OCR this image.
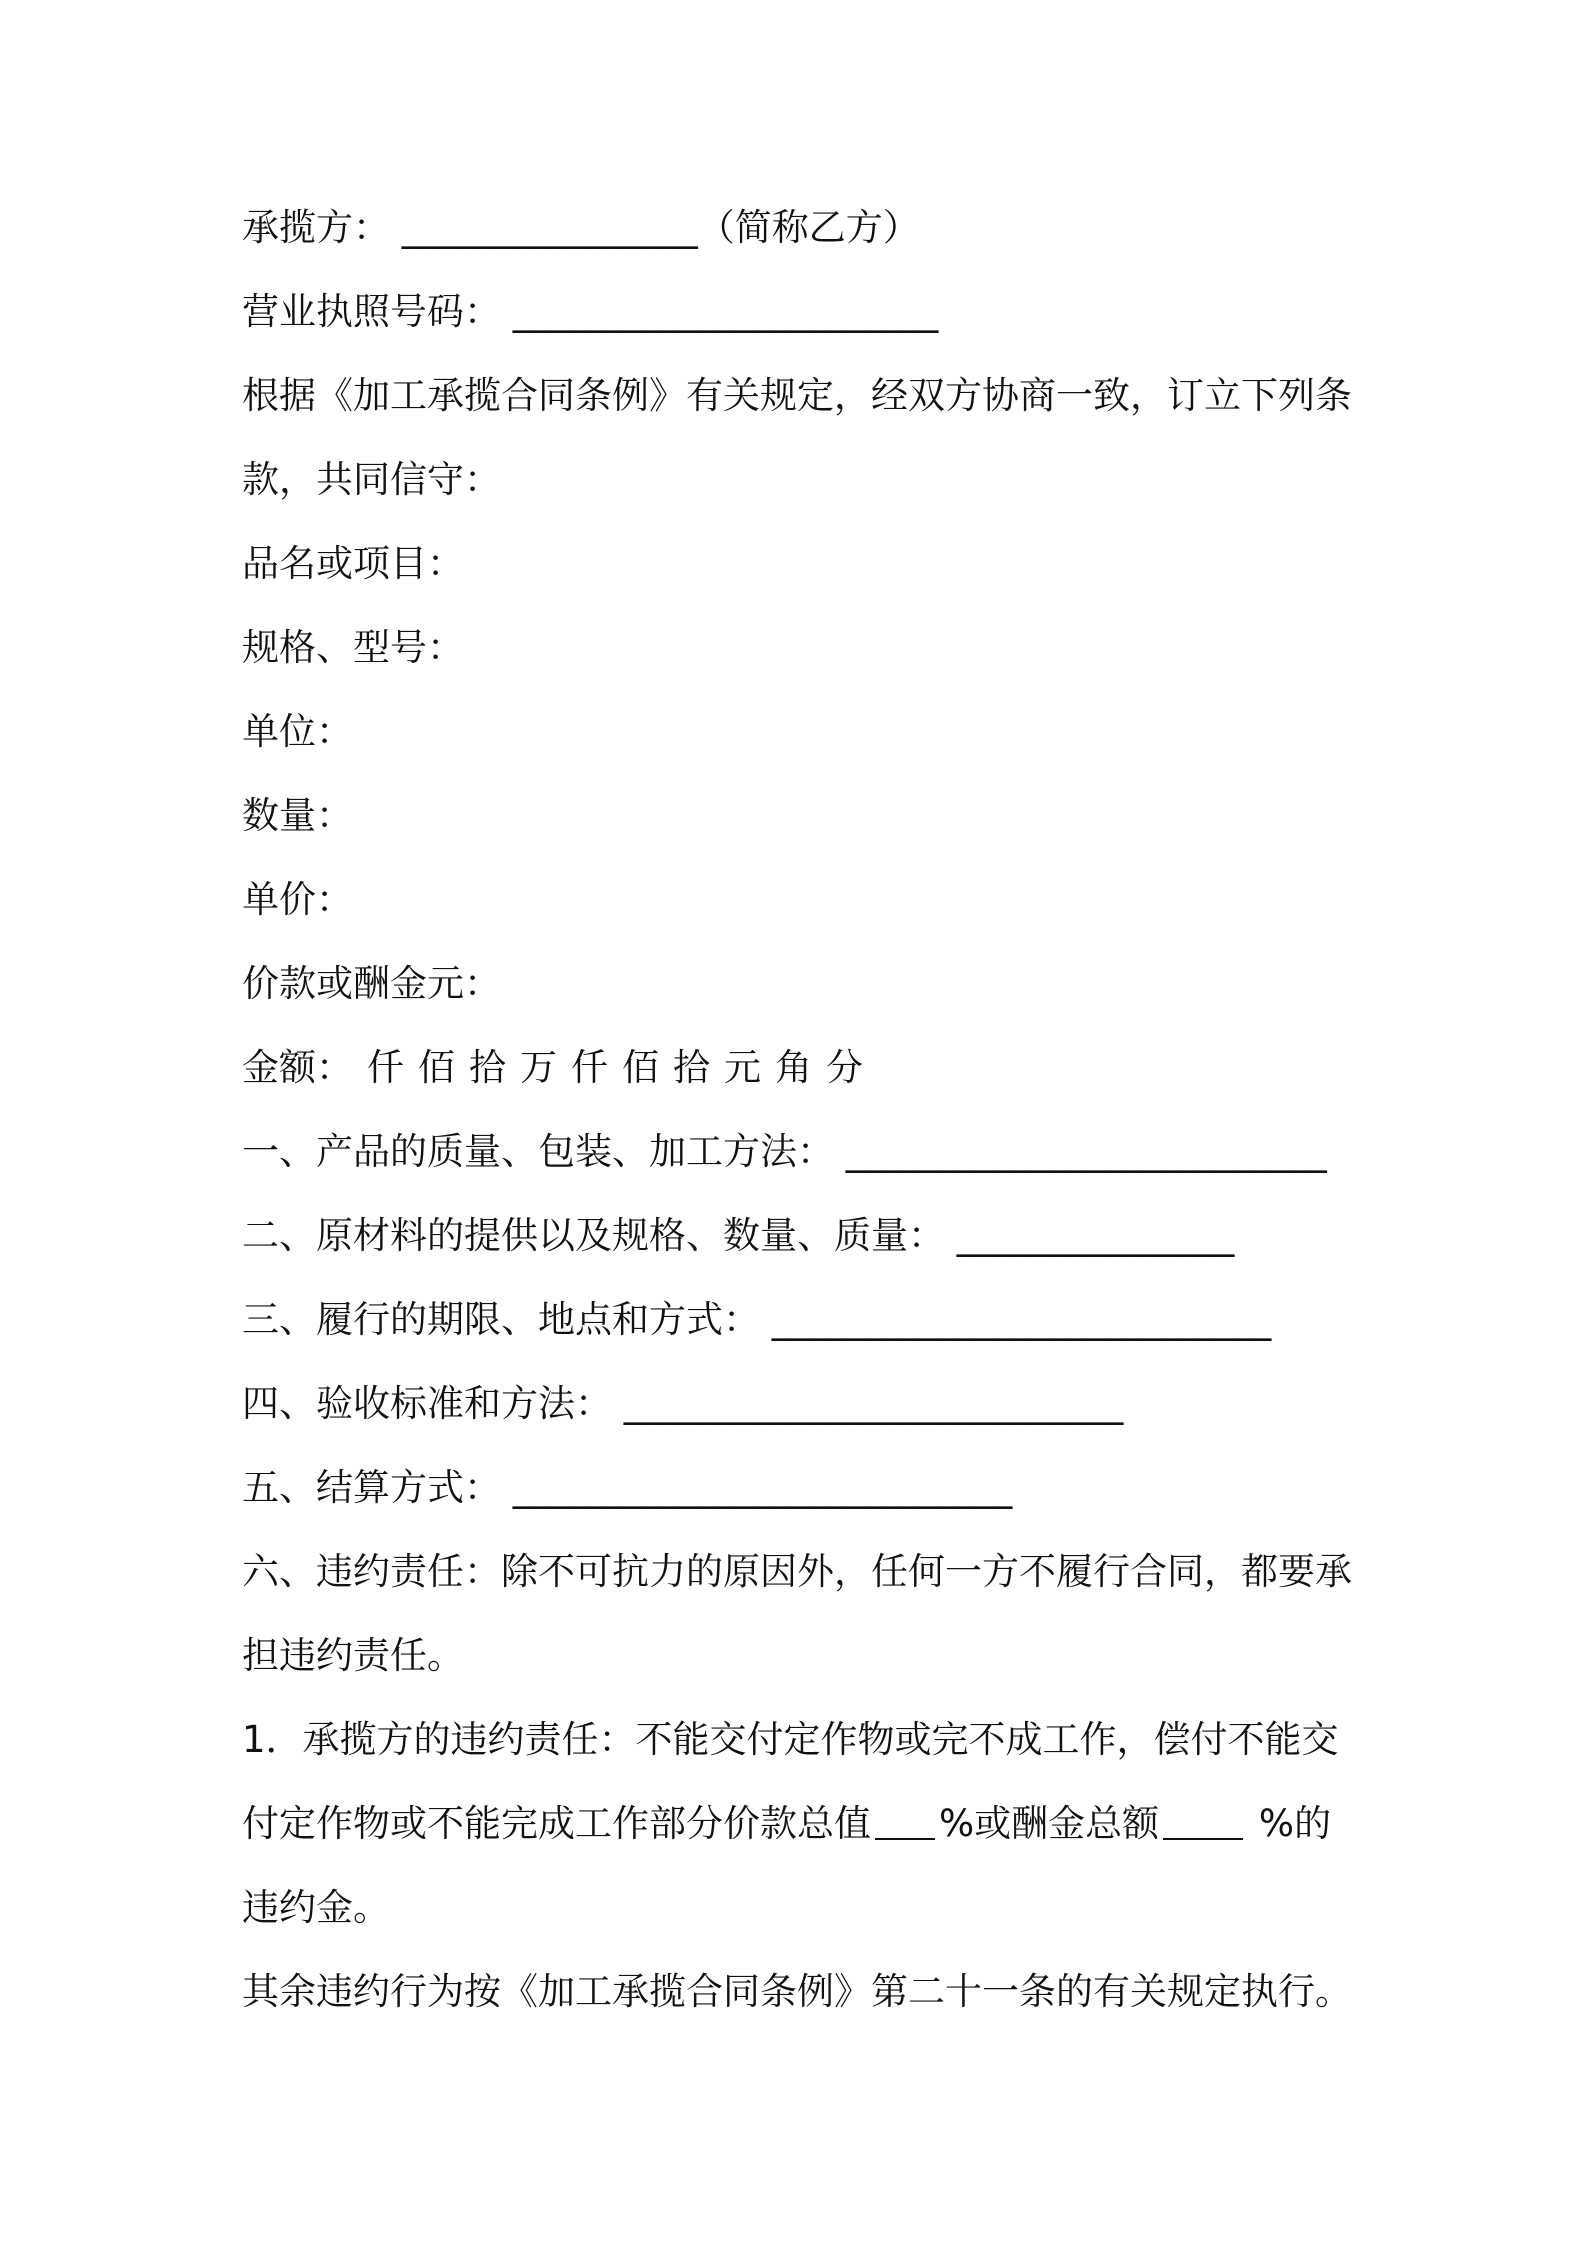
承揽方： ________________（简称乙方）

营业执照号码： _______________________

根据《加工承揽合同条例》有关规定，经双方协商一致，订立下列条

款，共同信守：

品名或项目：

规格、型号：

单位：

数量：

单价：

价款或酬金元：

金额： 仟 佰 拾 万 仟 佰 拾 元 角 分

一、产品的质量、包装、加工方法： __________________________

二、原材料的提供以及规格、数量、质量： _______________

三、履行的期限、地点和方式： ___________________________

四、验收标准和方法： ___________________________

五、结算方式： ___________________________

六、违约责任：除不可抗力的原因外，任何一方不履行合同，都要承

担违约责任。

1．承揽方的违约责任：不能交付定作物或完不成工作，偿付不能交

付定作物或不能完成工作部分价款总值 %或酬金总额 %的

违约金。

其余违约行为按《加工承揽合同条例》第二十一条的有关规定执行。
